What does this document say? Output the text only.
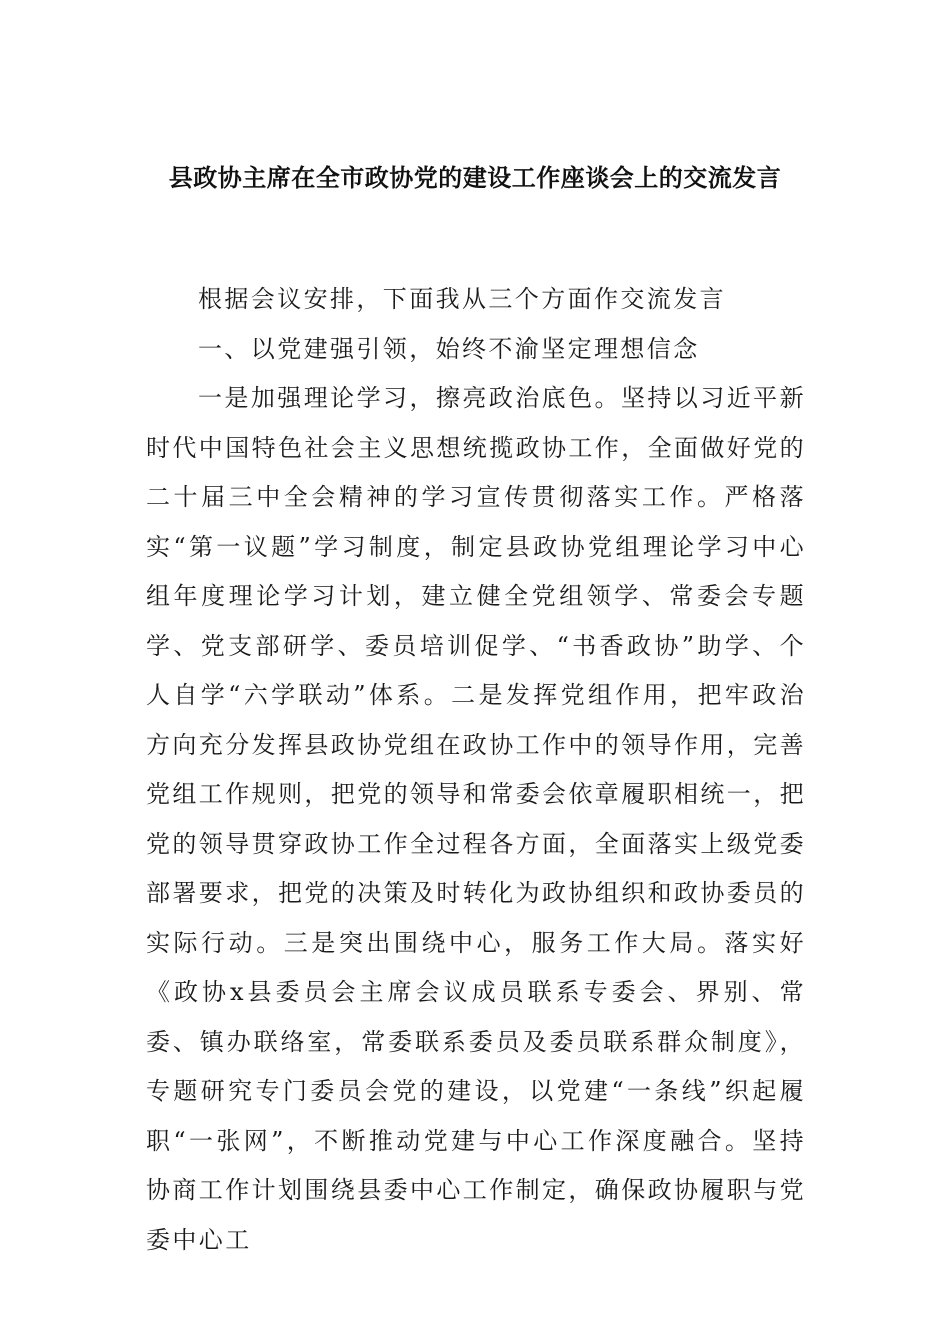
县政协主席在全市政协党的建设工作座谈会上的交流发言

根据会议安排，下面我从三个方面作交流发言

一、以党建强引领，始终不渝坚定理想信念

一是加强理论学习，擦亮政治底色。坚持以习近平新时代中国特色社会主义思想统揽政协工作，全面做好党的二十届三中全会精神的学习宣传贯彻落实工作。严格落实“第一议题”学习制度，制定县政协党组理论学习中心组年度理论学习计划，建立健全党组领学、常委会专题学、党支部研学、委员培训促学、“书香政协”助学、个人自学“六学联动”体系。二是发挥党组作用，把牢政治方向充分发挥县政协党组在政协工作中的领导作用，完善党组工作规则，把党的领导和常委会依章履职相统一，把党的领导贯穿政协工作全过程各方面，全面落实上级党委部署要求，把党的决策及时转化为政协组织和政协委员的实际行动。三是突出围绕中心，服务工作大局。落实好《政协x县委员会主席会议成员联系专委会、界别、常委、镇办联络室，常委联系委员及委员联系群众制度》，专题研究专门委员会党的建设，以党建“一条线”织起履职“一张网”，不断推动党建与中心工作深度融合。坚持协商工作计划围绕县委中心工作制定，确保政协履职与党委中心工
